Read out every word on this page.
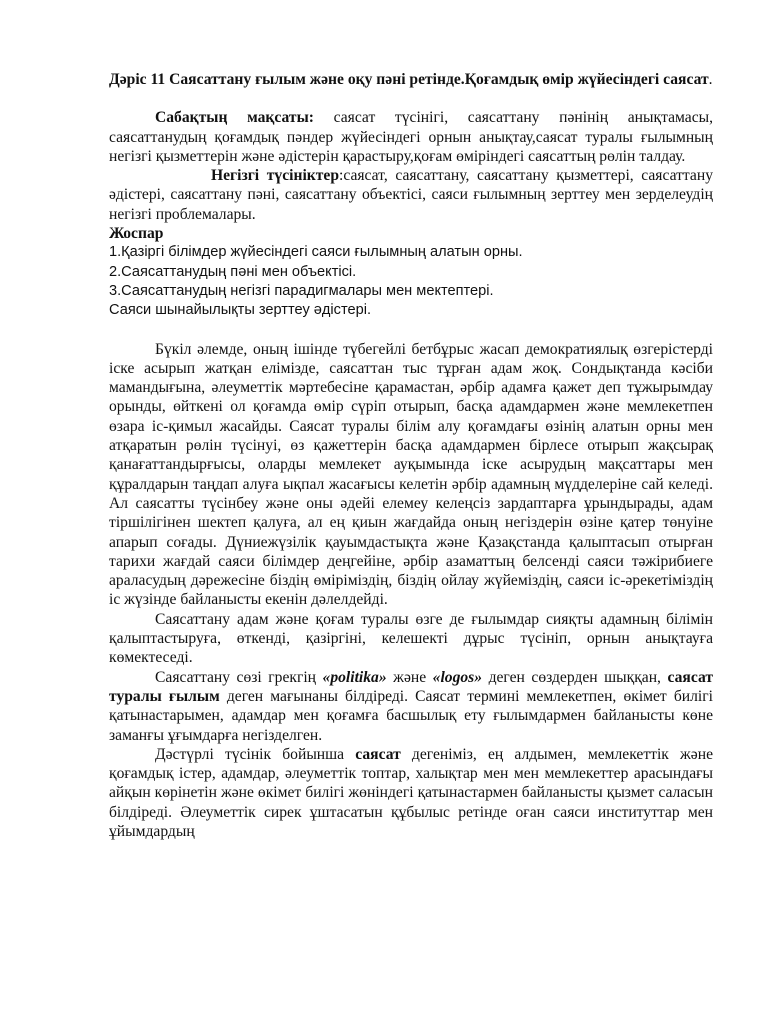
Дәріс 11 Саясаттану ғылым және оқу пәні ретінде.Қоғамдық өмір жүйесіндегі саясат.

Сабақтың мақсаты: саясат түсінігі, саясаттану пәнінің анықтамасы, саясаттанудың қоғамдық пәндер жүйесіндегі орнын анықтау,саясат туралы ғылымның негізгі қызметтерін және әдістерін қарастыру,қоғам өміріндегі саясаттың рөлін талдау.

Негізгі түсініктер:саясат, саясаттану, саясаттану қызметтері, саясаттану әдістері, саясаттану пәні, саясаттану объектісі, саяси ғылымның зерттеу мен зерделеудің негізгі проблемалары.

Жоспар

1.Қазіргі білімдер жүйесіндегі саяси ғылымның алатын орны.

2.Саясаттанудың пәні мен объектісі.

3.Саясаттанудың негізгі парадигмалары мен мектептері.

Саяси шынайылықты зерттеу әдістері.

Бүкіл әлемде, оның ішінде түбегейлі бетбұрыс жасап демократиялық өзгерістерді іске асырып жатқан елімізде, саясаттан тыс тұрған адам жоқ. Сондықтанда кәсіби мамандығына, әлеуметтік мәртебесіне қарамастан, әрбір адамға қажет деп тұжырымдау орынды, өйткені ол қоғамда өмір сүріп отырып, басқа адамдармен және мемлекетпен өзара іс-қимыл жасайды. Саясат туралы білім алу қоғамдағы өзінің алатын орны мен атқаратын рөлін түсінуі, өз қажеттерін басқа адамдармен бірлесе отырып жақсырақ қанағаттандырғысы, оларды мемлекет ауқымында іске асырудың мақсаттары мен құралдарын таңдап алуға ықпал жасағысы келетін әрбір адамның мүдделеріне сай келеді. Ал саясатты түсінбеу және оны әдейі елемеу келеңсіз зардаптарға ұрындырады, адам тіршілігінен шектеп қалуға, ал ең қиын жағдайда оның негіздерін өзіне қатер төнуіне апарып соғады. Дүниежүзілік қауымдастықта және Қазақстанда қалыптасып отырған тарихи жағдай саяси білімдер деңгейіне, әрбір азаматтың белсенді саяси тәжірибиеге араласудың дәрежесіне біздің өміріміздің, біздің ойлау жүйеміздің, саяси іс-әрекетіміздің іс жүзінде байланысты екенін дәлелдейді.

Саясаттану адам және қоғам туралы өзге де ғылымдар сияқты адамның білімін қалыптастыруға, өткенді, қазіргіні, келешекті дұрыс түсініп, орнын анықтауға көмектеседі.

Саясаттану сөзі грекгің «politika» және «logos» деген сөздерден шыққан, саясат туралы ғылым деген мағынаны білдіреді. Саясат термині мемлекетпен, өкімет билігі қатынастарымен, адамдар мен қоғамға басшылық ету ғылымдармен байланысты көне заманғы ұғымдарға негізделген.

Дәстүрлі түсінік бойынша саясат дегеніміз, ең алдымен, мемлекеттік және қоғамдық істер, адамдар, әлеуметтік топтар, халықтар мен мен мемлекеттер арасындағы айқын көрінетін және өкімет билігі жөніндегі қатынастармен байланысты қызмет саласын білдіреді. Әлеуметтік сирек ұштасатын құбылыс ретінде оған саяси институттар мен ұйымдардың
